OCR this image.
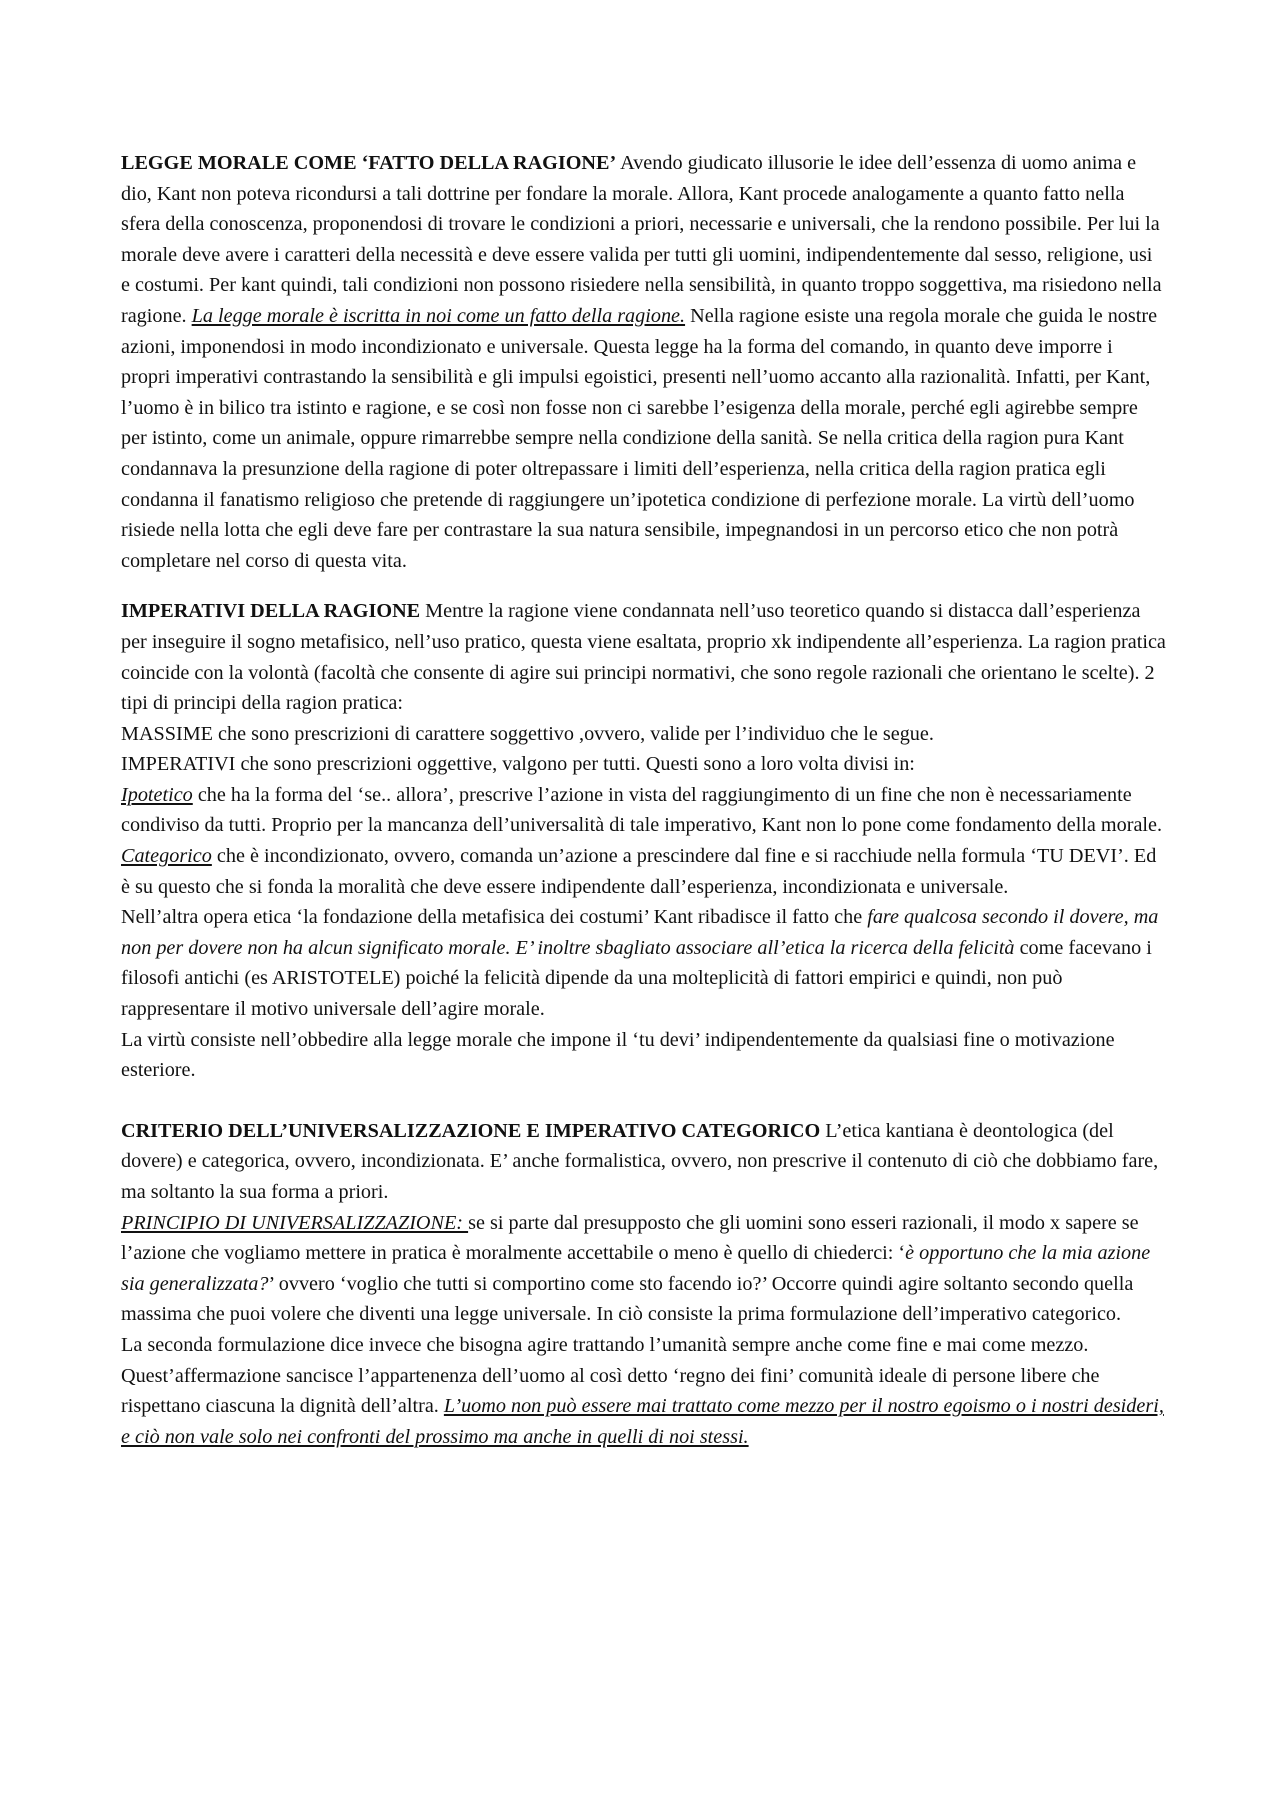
LEGGE MORALE COME ‘FATTO DELLA RAGIONE’ Avendo giudicato illusorie le idee dell’essenza di uomo anima e dio, Kant non poteva ricondursi a tali dottrine per fondare la morale. Allora, Kant procede analogamente a quanto fatto nella sfera della conoscenza, proponendosi di trovare le condizioni a priori, necessarie e universali, che la rendono possibile. Per lui la morale deve avere i caratteri della necessità e deve essere valida per tutti gli uomini, indipendentemente dal sesso, religione, usi e costumi. Per kant quindi, tali condizioni non possono risiedere nella sensibilità, in quanto troppo soggettiva, ma risiedono nella ragione. La legge morale è iscritta in noi come un fatto della ragione. Nella ragione esiste una regola morale che guida le nostre azioni, imponendosi in modo incondizionato e universale. Questa legge ha la forma del comando, in quanto deve imporre i propri imperativi contrastando la sensibilità e gli impulsi egoistici, presenti nell’uomo accanto alla razionalità. Infatti, per Kant, l’uomo è in bilico tra istinto e ragione, e se così non fosse non ci sarebbe l’esigenza della morale, perché egli agirebbe sempre per istinto, come un animale, oppure rimarrebbe sempre nella condizione della sanità. Se nella critica della ragion pura Kant condannava la presunzione della ragione di poter oltrepassare i limiti dell’esperienza, nella critica della ragion pratica egli condanna il fanatismo religioso che pretende di raggiungere un’ipotetica condizione di perfezione morale. La virtù dell’uomo risiede nella lotta che egli deve fare per contrastare la sua natura sensibile, impegnandosi in un percorso etico che non potrà completare nel corso di questa vita.

IMPERATIVI DELLA RAGIONE Mentre la ragione viene condannata nell’uso teoretico quando si distacca dall’esperienza per inseguire il sogno metafisico, nell’uso pratico, questa viene esaltata, proprio xk indipendente all’esperienza. La ragion pratica coincide con la volontà (facoltà che consente di agire sui principi normativi, che sono regole razionali che orientano le scelte). 2 tipi di principi della ragion pratica:

MASSIME che sono prescrizioni di carattere soggettivo ,ovvero, valide per l’individuo che le segue.

IMPERATIVI che sono prescrizioni oggettive, valgono per tutti. Questi sono a loro volta divisi in:

Ipotetico che ha la forma del ‘se.. allora’, prescrive l’azione in vista del raggiungimento di un fine che non è necessariamente condiviso da tutti. Proprio per la mancanza dell’universalità di tale imperativo, Kant non lo pone come fondamento della morale.

Categorico che è incondizionato, ovvero, comanda un’azione a prescindere dal fine e si racchiude nella formula ‘TU DEVI’. Ed è su questo che si fonda la moralità che deve essere indipendente dall’esperienza, incondizionata e universale.

Nell’altra opera etica ‘la fondazione della metafisica dei costumi’ Kant ribadisce il fatto che fare qualcosa secondo il dovere, ma non per dovere non ha alcun significato morale. E’ inoltre sbagliato associare all’etica la ricerca della felicità come facevano i filosofi antichi (es ARISTOTELE) poiché la felicità dipende da una molteplicità di fattori empirici e quindi, non può rappresentare il motivo universale dell’agire morale.

La virtù consiste nell’obbedire alla legge morale che impone il ‘tu devi’ indipendentemente da qualsiasi fine o motivazione esteriore.

CRITERIO DELL’UNIVERSALIZZAZIONE E IMPERATIVO CATEGORICO L’etica kantiana è deontologica (del dovere) e categorica, ovvero, incondizionata. E’ anche formalistica, ovvero, non prescrive il contenuto di ciò che dobbiamo fare, ma soltanto la sua forma a priori.

PRINCIPIO DI UNIVERSALIZZAZIONE: se si parte dal presupposto che gli uomini sono esseri razionali, il modo x sapere se l’azione che vogliamo mettere in pratica è moralmente accettabile o meno è quello di chiederci: ‘è opportuno che la mia azione sia generalizzata?’ ovvero ‘voglio che tutti si comportino come sto facendo io?’ Occorre quindi agire soltanto secondo quella massima che puoi volere che diventi una legge universale. In ciò consiste la prima formulazione dell’imperativo categorico.

La seconda formulazione dice invece che bisogna agire trattando l’umanità sempre anche come fine e mai come mezzo. Quest’affermazione sancisce l’appartenenza dell’uomo al così detto ‘regno dei fini’ comunità ideale di persone libere che rispettano ciascuna la dignità dell’altra. L’uomo non può essere mai trattato come mezzo per il nostro egoismo o i nostri desideri, e ciò non vale solo nei confronti del prossimo ma anche in quelli di noi stessi.
